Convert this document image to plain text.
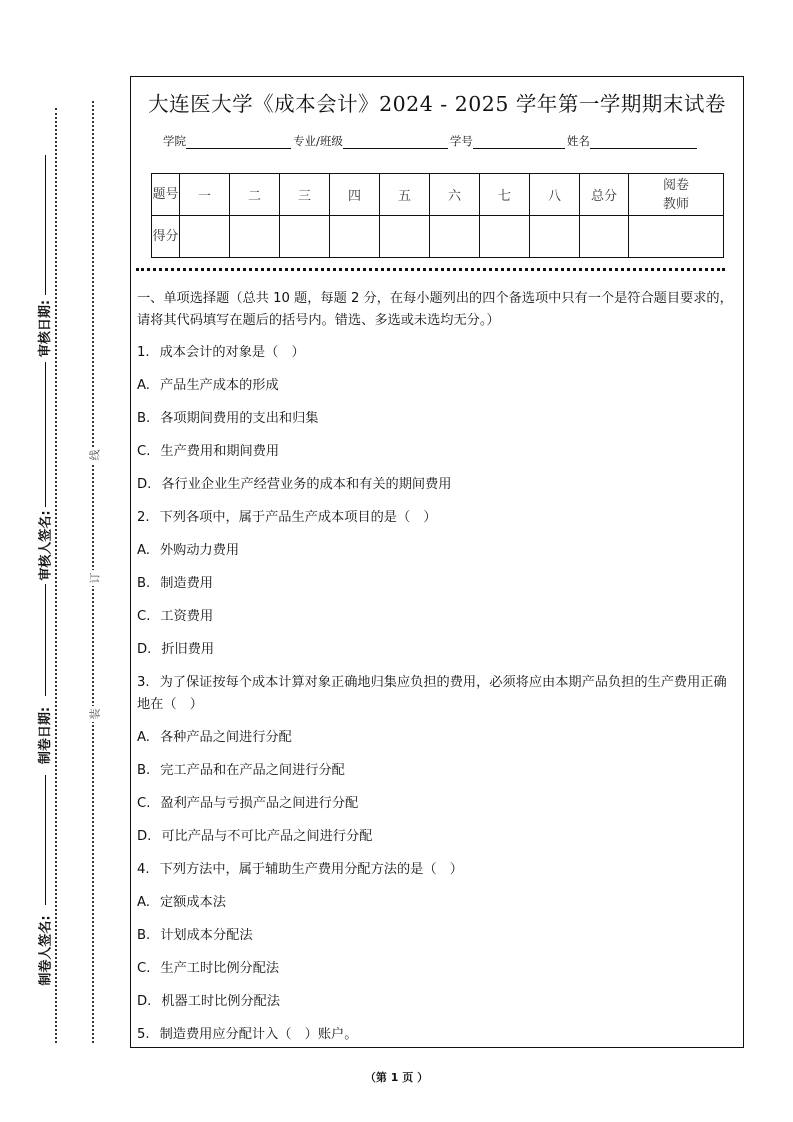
审核日期:
审核人签名:
制卷日期:
制卷人签名:
线
订
装
大连医大学《成本会计》2024 - 2025 学年第一学期期末试卷
学院	专业/班级	学号	姓名
题号	一	二	三	四	五	六	七	八	总分	阅卷
教师
得分										
一、单项选择题（总共 10 题，每题 2 分，在每小题列出的四个备选项中只有一个是符合题目要求的，请将其代码填写在题后的括号内。错选、多选或未选均无分。）
1. 成本会计的对象是（　）
A. 产品生产成本的形成
B. 各项期间费用的支出和归集
C. 生产费用和期间费用
D. 各行业企业生产经营业务的成本和有关的期间费用
2. 下列各项中，属于产品生产成本项目的是（　）
A. 外购动力费用
B. 制造费用
C. 工资费用
D. 折旧费用
3. 为了保证按每个成本计算对象正确地归集应负担的费用，必须将应由本期产品负担的生产费用正确地在（　）
A. 各种产品之间进行分配
B. 完工产品和在产品之间进行分配
C. 盈利产品与亏损产品之间进行分配
D. 可比产品与不可比产品之间进行分配
4. 下列方法中，属于辅助生产费用分配方法的是（　）
A. 定额成本法
B. 计划成本分配法
C. 生产工时比例分配法
D. 机器工时比例分配法
5. 制造费用应分配计入（　）账户。
（第 1 页 ）
